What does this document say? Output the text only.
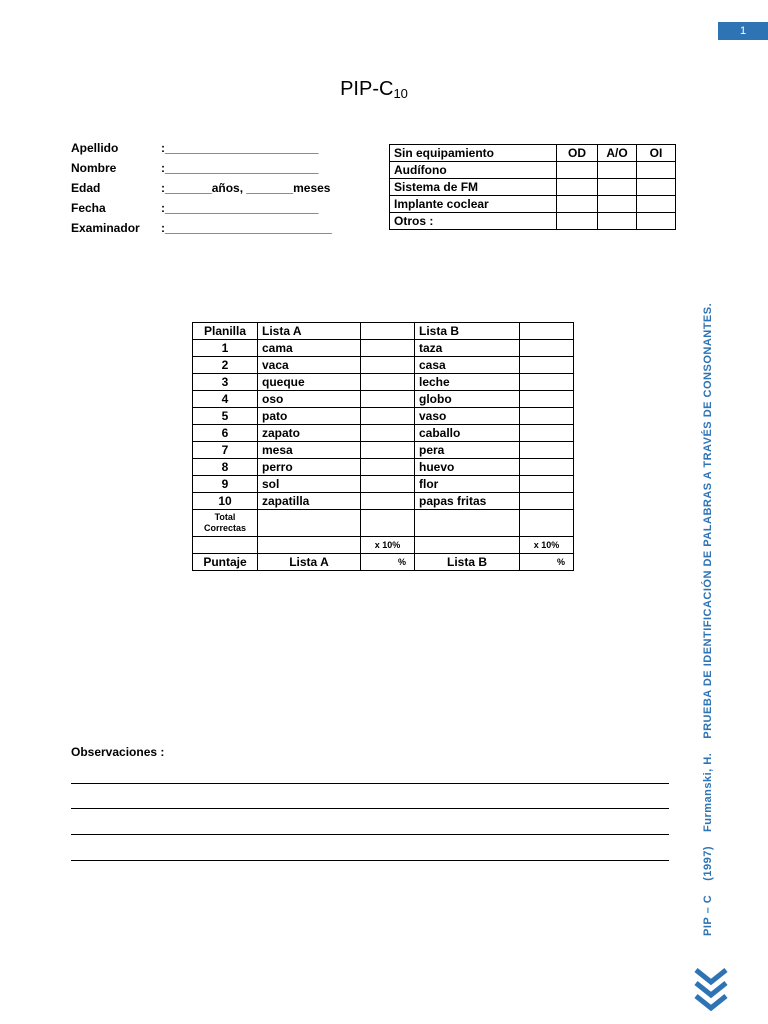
1
PIP-$C_{10}$
Apellido	:_______________________
Nombre	:_______________________
Edad	:_______años, _______meses
Fecha	:_______________________
Examinador :_________________________
Sin equipamiento	OD	A/O	OI
Audífono			
Sistema de FM			
Implante coclear			
Otros :			
Planilla	Lista A		Lista B	
1	cama		taza	
2	vaca		casa	
3	queque		leche	
4	oso		globo	
5	pato		vaso	
6	zapato		caballo	
7	mesa		pera	
8	perro		huevo	
9	sol		flor	
10	zapatilla		papas fritas	
Total
Correctas				
		x 10%		x 10%
Puntaje	Lista A	%	Lista B	%
Observaciones :
PIP – C(1997)Furmanski, H.PRUEBA DE IDENTIFICACIÓN DE PALABRAS A TRAVÉS DE CONSONANTES.
